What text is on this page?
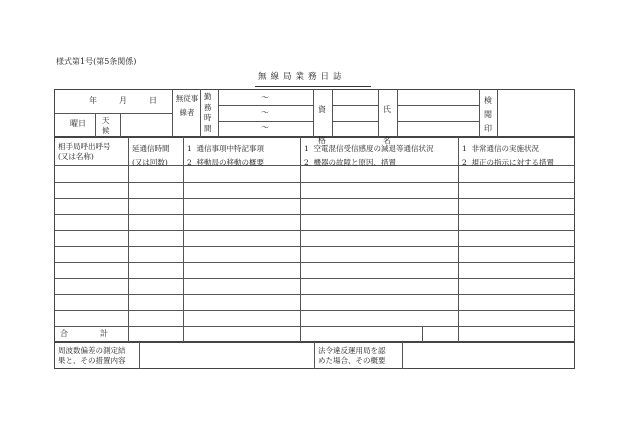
様式第1号(第5条関係)
無線局業務日誌
年	月	日
曜日 天候
無従事線者
勤務時間
〜
〜
〜
資格
氏名
検閲印
相手局呼出呼号
(又は名称)
延通信時間
(又は回数)
1  通信事項中特記事項
2  移動局の移動の概要
1  空電混信受信感度の減退等通信状況
2  機器の故障と原因、措置
1  非常通信の実施状況
2  規正の指示に対する措置
合　　　　計
周波数偏差の測定結
果と、その措置内容
法令違反運用局を認
めた場合、その概要
